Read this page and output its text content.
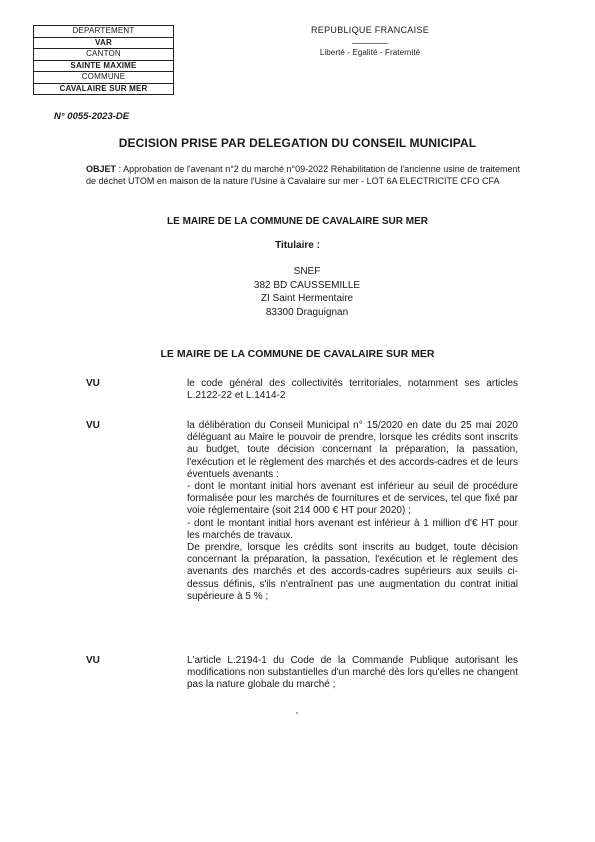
DEPARTEMENT
VAR
CANTON
SAINTE MAXIME
COMMUNE
CAVALAIRE SUR MER
REPUBLIQUE FRANCAISE
Liberté - Egalité - Fraternité
N° 0055-2023-DE
DECISION PRISE PAR DELEGATION DU CONSEIL MUNICIPAL
OBJET : Approbation de l'avenant n°2 du marché n°09-2022 Réhabilitation de l'ancienne usine de traitement de déchet UTOM en maison de la nature l'Usine à Cavalaire sur mer - LOT 6A ELECTRICITE CFO CFA
LE MAIRE DE LA COMMUNE DE CAVALAIRE SUR MER
Titulaire :
SNEF
382 BD CAUSSEMILLE
ZI Saint Hermentaire
83300 Draguignan
LE MAIRE DE LA COMMUNE DE CAVALAIRE SUR MER
VU	le code général des collectivités territoriales, notamment ses articles L.2122-22 et L.1414-2

VU	la délibération du Conseil Municipal n° 15/2020 en date du 25 mai 2020 déléguant au Maire le pouvoir de prendre, lorsque les crédits sont inscrits au budget, toute décision concernant la préparation, la passation, l'exécution et le règlement des marchés et des accords-cadres et de leurs éventuels avenants :

- dont le montant initial hors avenant est inférieur au seuil de procédure formalisée pour les marchés de fournitures et de services, tel que fixé par voie réglementaire (soit 214 000 € HT pour 2020) ;

- dont le montant initial hors avenant est inférieur à 1 million d'€ HT pour les marchés de travaux.

De prendre, lorsque les crédits sont inscrits au budget, toute décision concernant la préparation, la passation, l'exécution et le règlement des avenants des marchés et des accords-cadres supérieurs aux seuils ci-dessus définis, s'ils n'entraînent pas une augmentation du contrat initial supérieure à 5 % ;

VU	L'article L.2194-1 du Code de la Commande Publique autorisant les modifications non substantielles d'un marché dès lors qu'elles ne changent pas la nature globale du marché ;
